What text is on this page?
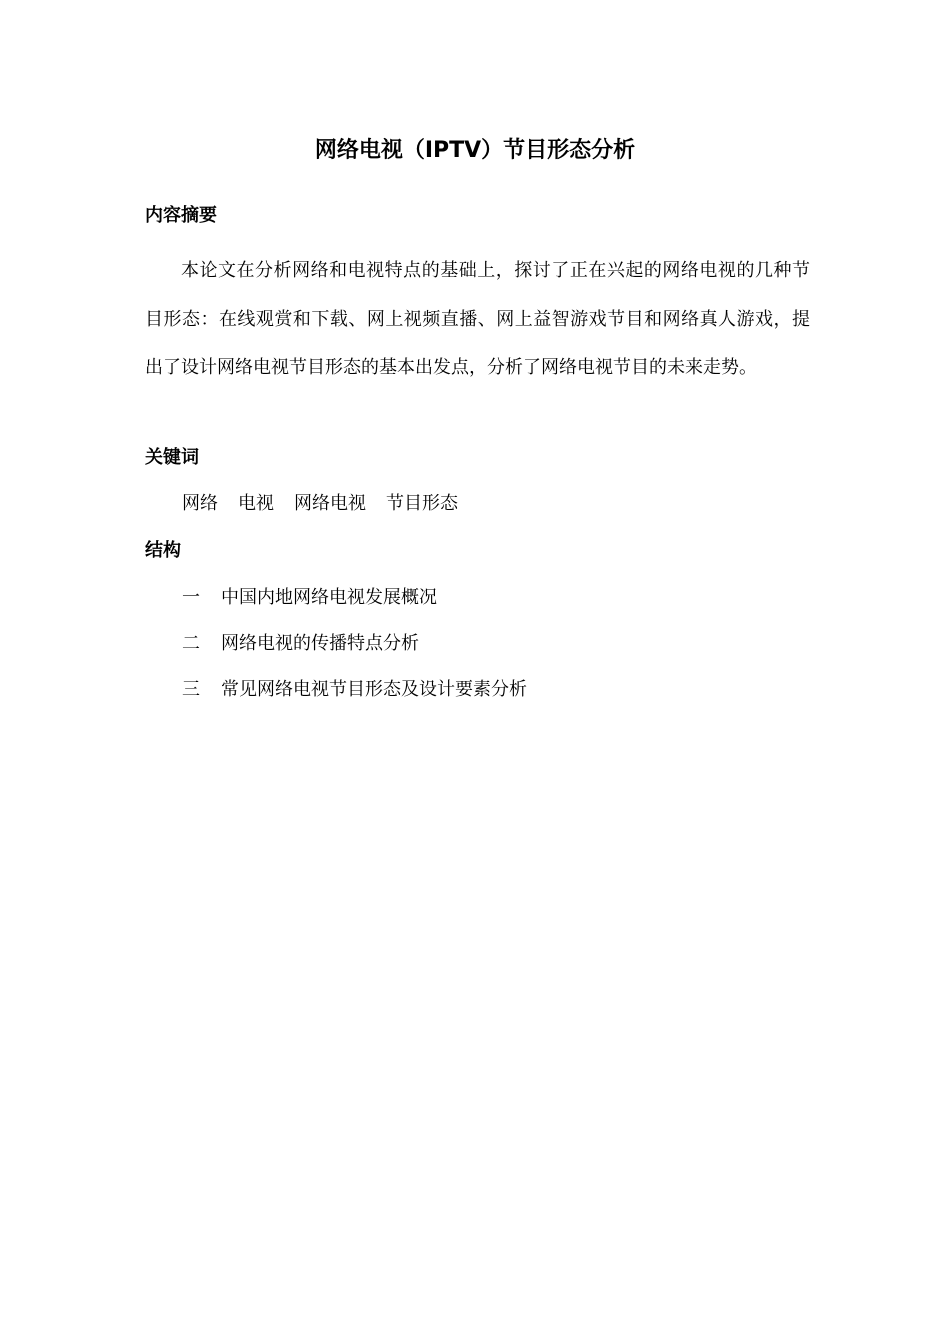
网络电视（IPTV）节目形态分析
内容摘要

本论文在分析网络和电视特点的基础上，探讨了正在兴起的网络电视的几种节目形态：在线观赏和下载、网上视频直播、网上益智游戏节目和网络真人游戏，提出了设计网络电视节目形态的基本出发点，分析了网络电视节目的未来走势。

关键词
网络 电视 网络电视 节目形态
结构
一 中国内地网络电视发展概况
二 网络电视的传播特点分析
三 常见网络电视节目形态及设计要素分析
